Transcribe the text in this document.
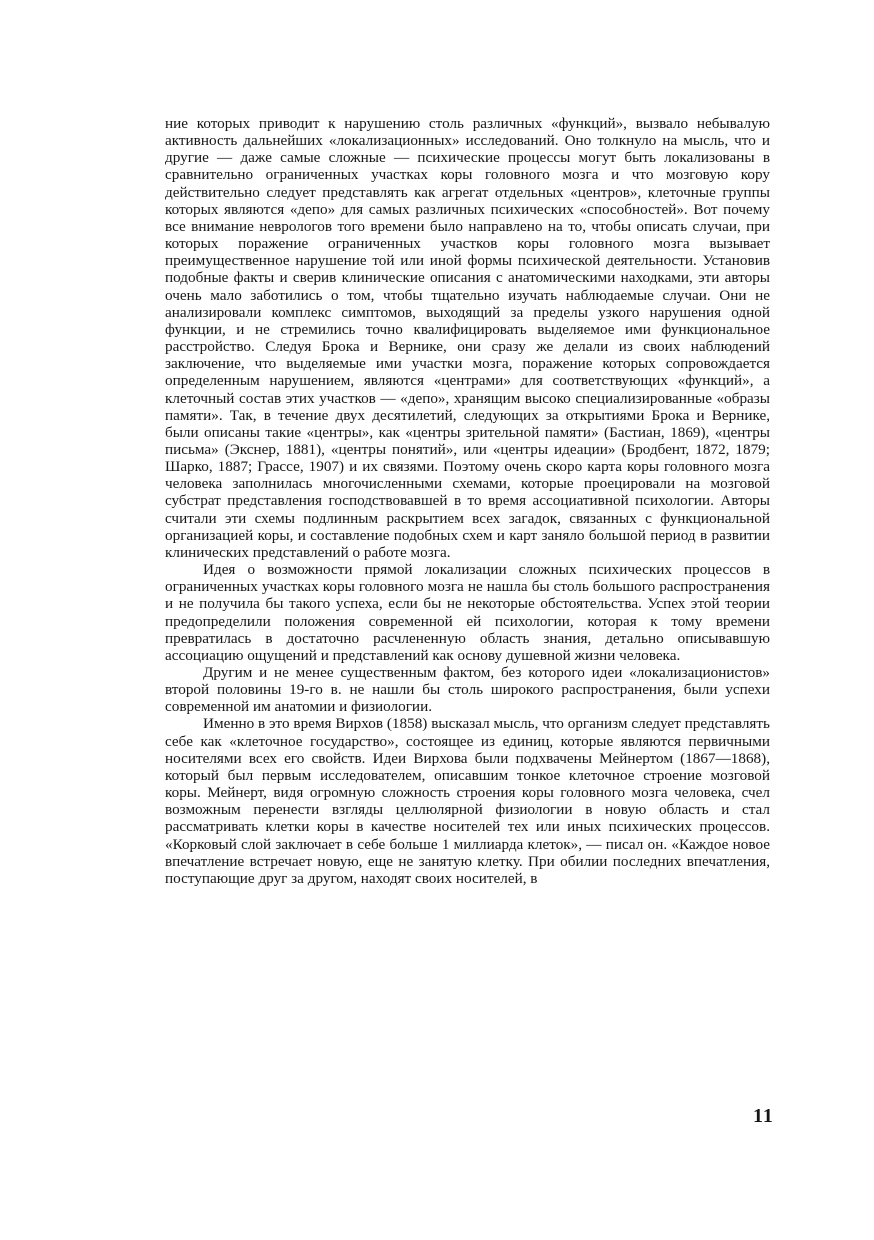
ние которых приводит к нарушению столь различных «функций», вызвало небывалую активность дальнейших «локализационных» исследований. Оно толкнуло на мысль, что и другие — даже самые сложные — психические процессы могут быть локализованы в сравнительно ограниченных участках коры головного мозга и что мозговую кору действительно следует представлять как агрегат отдельных «центров», клеточные группы которых являются «депо» для самых различных психических «способностей». Вот почему все внимание неврологов того времени было направлено на то, чтобы описать случаи, при которых поражение ограниченных участков коры головного мозга вызывает преимущественное нарушение той или иной формы психической деятельности. Установив подобные факты и сверив клинические описания с анатомическими находками, эти авторы очень мало заботились о том, чтобы тщательно изучать наблюдаемые случаи. Они не анализировали комплекс симптомов, выходящий за пределы узкого нарушения одной функции, и не стремились точно квалифицировать выделяемое ими функциональное расстройство. Следуя Брока и Вернике, они сразу же делали из своих наблюдений заключение, что выделяемые ими участки мозга, поражение которых сопровождается определенным нарушением, являются «центрами» для соответствующих «функций», а клеточный состав этих участков — «депо», хранящим высоко специализированные «образы памяти». Так, в течение двух десятилетий, следующих за открытиями Брока и Вернике, были описаны такие «центры», как «центры зрительной памяти» (Бастиан, 1869), «центры письма» (Экснер, 1881), «центры понятий», или «центры идеации» (Бродбент, 1872, 1879; Шарко, 1887; Грассе, 1907) и их связями. Поэтому очень скоро карта коры головного мозга человека заполнилась многочисленными схемами, которые проецировали на мозговой субстрат представления господствовавшей в то время ассоциативной психологии. Авторы считали эти схемы подлинным раскрытием всех загадок, связанных с функциональной организацией коры, и составление подобных схем и карт заняло большой период в развитии клинических представлений о работе мозга.

Идея о возможности прямой локализации сложных психических процессов в ограниченных участках коры головного мозга не нашла бы столь большого распространения и не получила бы такого успеха, если бы не некоторые обстоятельства. Успех этой теории предопределили положения современной ей психологии, которая к тому времени превратилась в достаточно расчлененную область знания, детально описывавшую ассоциацию ощущений и представлений как основу душевной жизни человека.

Другим и не менее существенным фактом, без которого идеи «локализационистов» второй половины 19-го в. не нашли бы столь широкого распространения, были успехи современной им анатомии и физиологии.

Именно в это время Вирхов (1858) высказал мысль, что организм следует представлять себе как «клеточное государство», состоящее из единиц, которые являются первичными носителями всех его свойств. Идеи Вирхова были подхвачены Мейнертом (1867—1868), который был первым исследователем, описавшим тонкое клеточное строение мозговой коры. Мейнерт, видя огромную сложность строения коры головного мозга человека, счел возможным перенести взгляды целлюлярной физиологии в новую область и стал рассматривать клетки коры в качестве носителей тех или иных психических процессов. «Корковый слой заключает в себе больше 1 миллиарда клеток», — писал он. «Каждое новое впечатление встречает новую, еще не занятую клетку. При обилии последних впечатления, поступающие друг за другом, находят своих носителей, в

11
